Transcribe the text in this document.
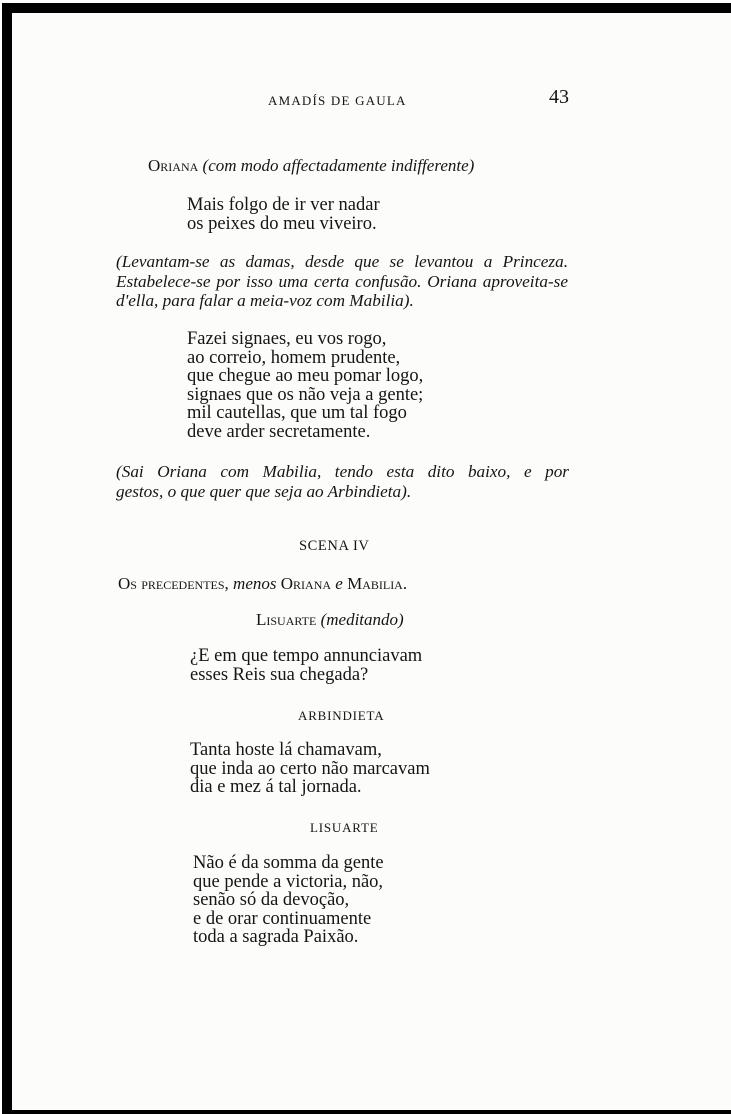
AMADÍS DE GAULA	43
Oriana (com modo affectadamente indifferente)
Mais folgo de ir ver nadar
os peixes do meu viveiro.
(Levantam-se as damas, desde que se levantou a Princeza.
Estabelece-se por isso uma certa confusão. Oriana aproveita-se
d'ella, para falar a meia-voz com Mabilia).
Fazei signaes, eu vos rogo,
ao correio, homem prudente,
que chegue ao meu pomar logo,
signaes que os não veja a gente;
mil cautellas, que um tal fogo
deve arder secretamente.
(Sai Oriana com Mabilia, tendo esta dito baixo, e por
gestos, o que quer que seja ao Arbindieta).
SCENA IV
Os precedentes, menos Oriana e Mabilia.
Lisuarte (meditando)
¿E em que tempo annunciavam
esses Reis sua chegada?
ARBINDIETA
Tanta hoste lá chamavam,
que inda ao certo não marcavam
dia e mez á tal jornada.
LISUARTE
Não é da somma da gente
que pende a victoria, não,
senão só da devoção,
e de orar continuamente
toda a sagrada Paixão.
